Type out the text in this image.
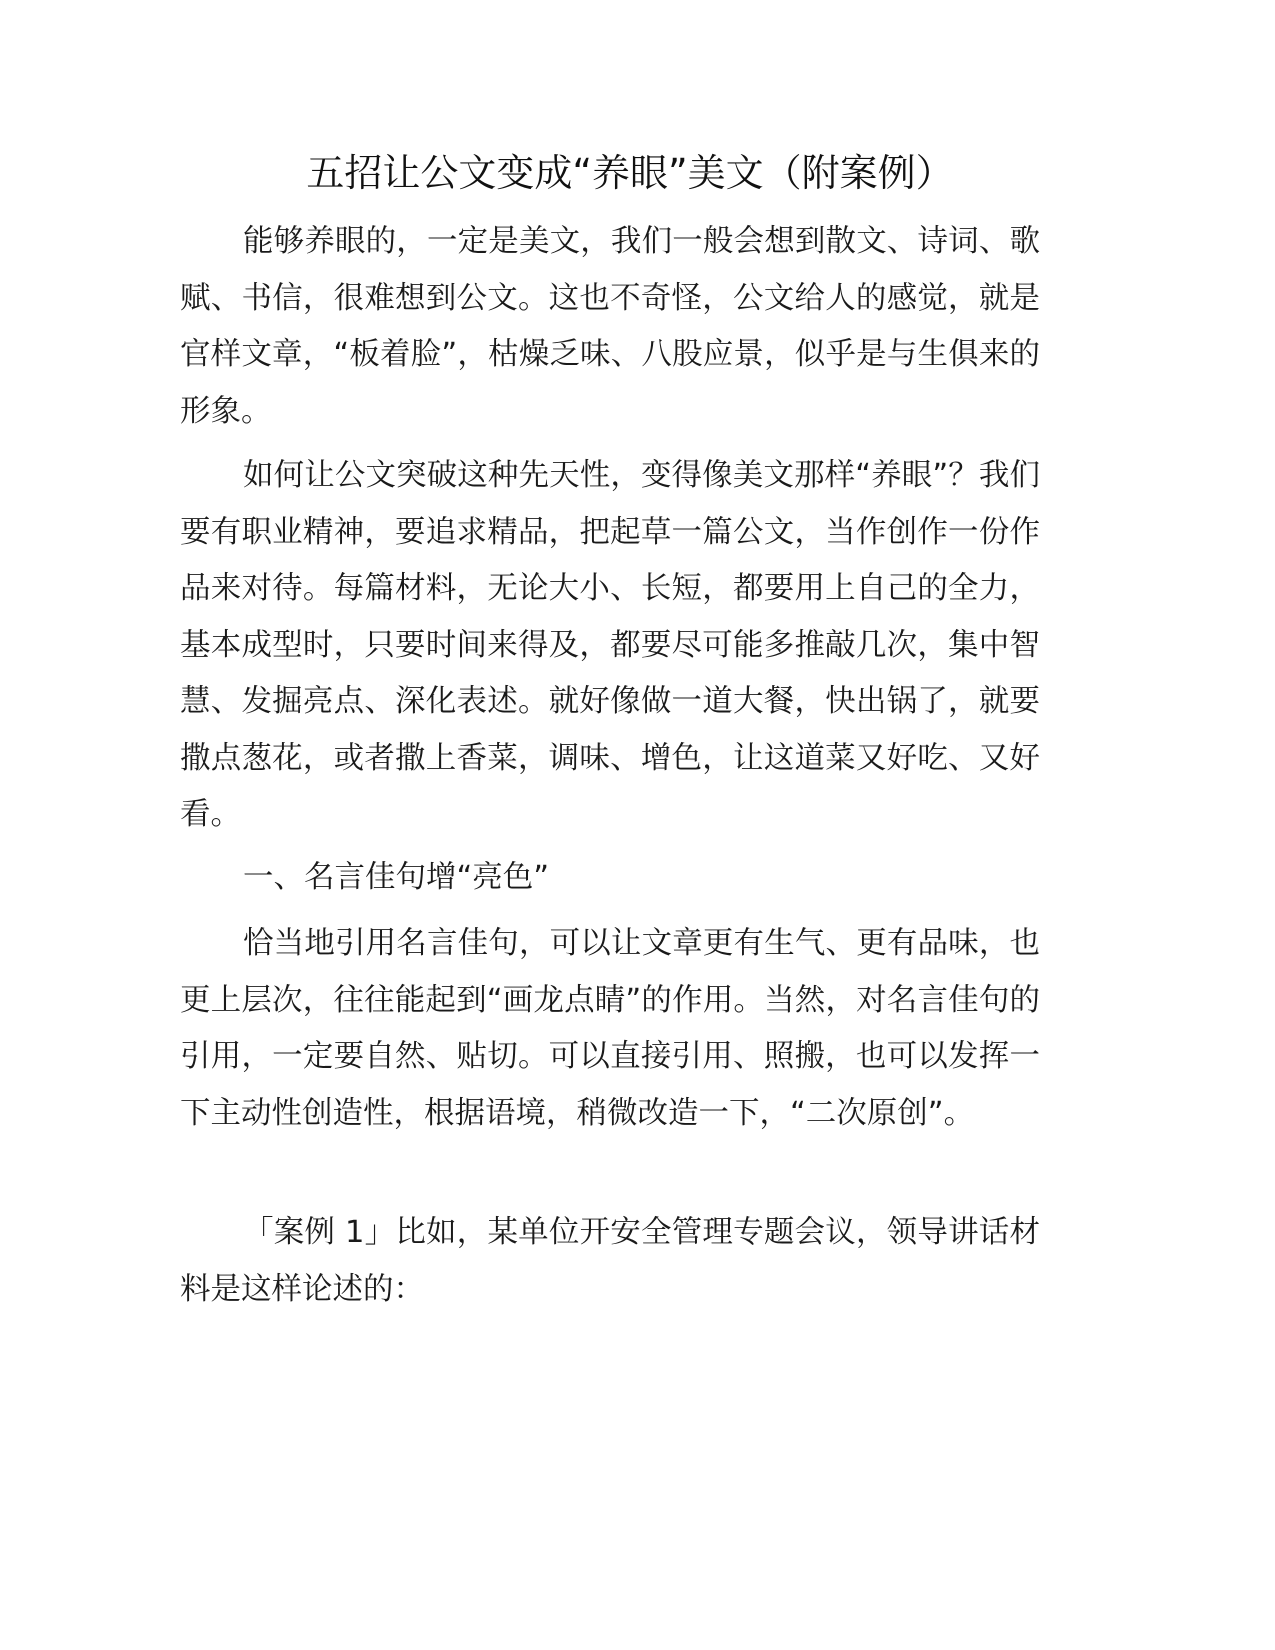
五招让公文变成“养眼”美文（附案例）

能够养眼的，一定是美文，我们一般会想到散文、诗词、歌赋、书信，很难想到公文。这也不奇怪，公文给人的感觉，就是官样文章，“板着脸”，枯燥乏味、八股应景，似乎是与生俱来的形象。

如何让公文突破这种先天性，变得像美文那样“养眼”？我们要有职业精神，要追求精品，把起草一篇公文，当作创作一份作品来对待。每篇材料，无论大小、长短，都要用上自己的全力，基本成型时，只要时间来得及，都要尽可能多推敲几次，集中智慧、发掘亮点、深化表述。就好像做一道大餐，快出锅了，就要撒点葱花，或者撒上香菜，调味、增色，让这道菜又好吃、又好看。

一、名言佳句增“亮色”

恰当地引用名言佳句，可以让文章更有生气、更有品味，也更上层次，往往能起到“画龙点睛”的作用。当然，对名言佳句的引用，一定要自然、贴切。可以直接引用、照搬，也可以发挥一下主动性创造性，根据语境，稍微改造一下，“二次原创”。

「案例 1」比如，某单位开安全管理专题会议，领导讲话材料是这样论述的：
